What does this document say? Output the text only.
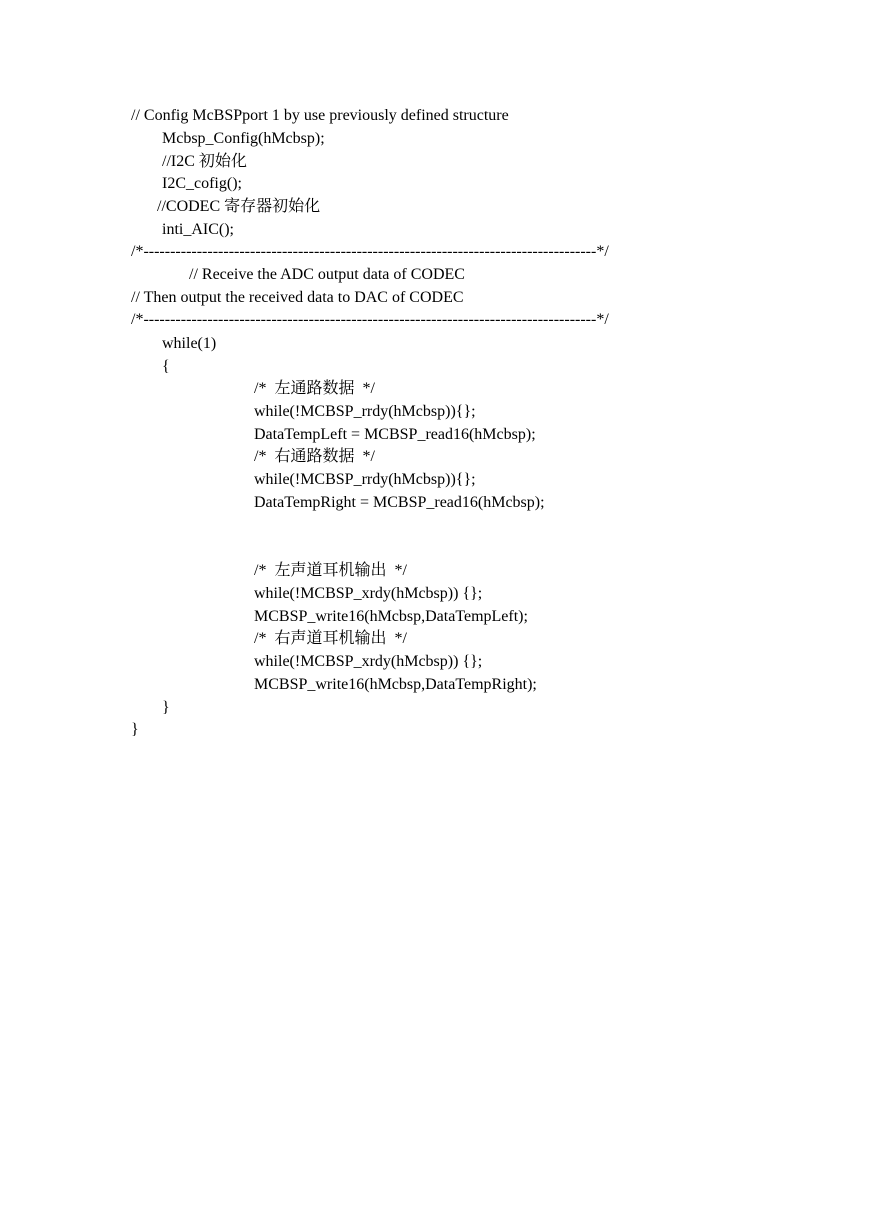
// Config McBSPport 1 by use previously defined structure
Mcbsp_Config(hMcbsp);
//I2C 初始化
I2C_cofig();
//CODEC 寄存器初始化
inti_AIC();
/*-------------------------------------------------------------------------------------*/
// Receive the ADC output data of CODEC
// Then output the received data to DAC of CODEC
/*-------------------------------------------------------------------------------------*/
while(1)
{
/*  左通路数据  */
while(!MCBSP_rrdy(hMcbsp)){};
DataTempLeft = MCBSP_read16(hMcbsp);
/*  右通路数据  */
while(!MCBSP_rrdy(hMcbsp)){};
DataTempRight = MCBSP_read16(hMcbsp);
/*  左声道耳机输出  */
while(!MCBSP_xrdy(hMcbsp)) {};
MCBSP_write16(hMcbsp,DataTempLeft);
/*  右声道耳机输出  */
while(!MCBSP_xrdy(hMcbsp)) {};
MCBSP_write16(hMcbsp,DataTempRight);
}
}
